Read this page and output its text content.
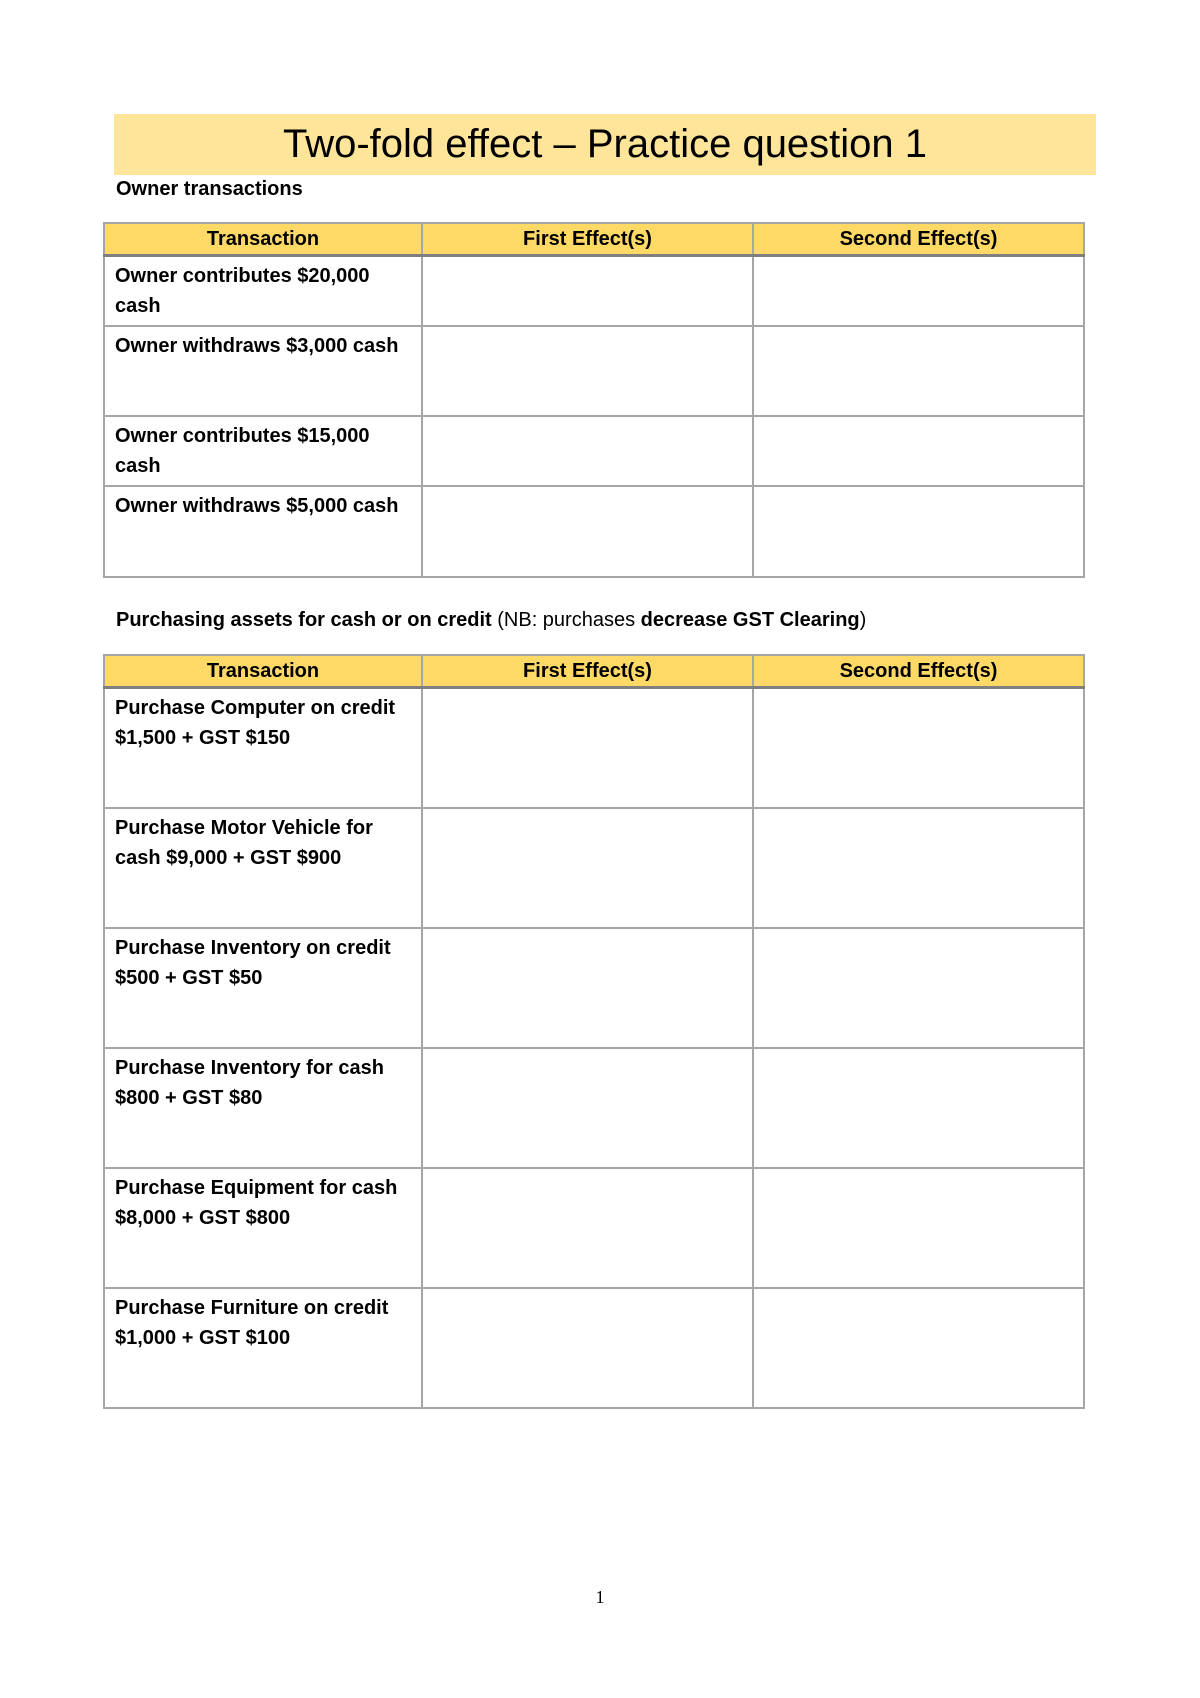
Two-fold effect – Practice question 1

Owner transactions

Transaction	First Effect(s)	Second Effect(s)
Owner contributes $20,000 cash		
Owner withdraws $3,000 cash		
Owner contributes $15,000 cash		
Owner withdraws $5,000 cash		

Purchasing assets for cash or on credit (NB: purchases decrease GST Clearing)

Transaction	First Effect(s)	Second Effect(s)
Purchase Computer on credit $1,500 + GST $150		
Purchase Motor Vehicle for cash $9,000 + GST $900		
Purchase Inventory on credit $500 + GST $50		
Purchase Inventory for cash $800 + GST $80		
Purchase Equipment for cash $8,000 + GST $800		
Purchase Furniture on credit $1,000 + GST $100		
1
